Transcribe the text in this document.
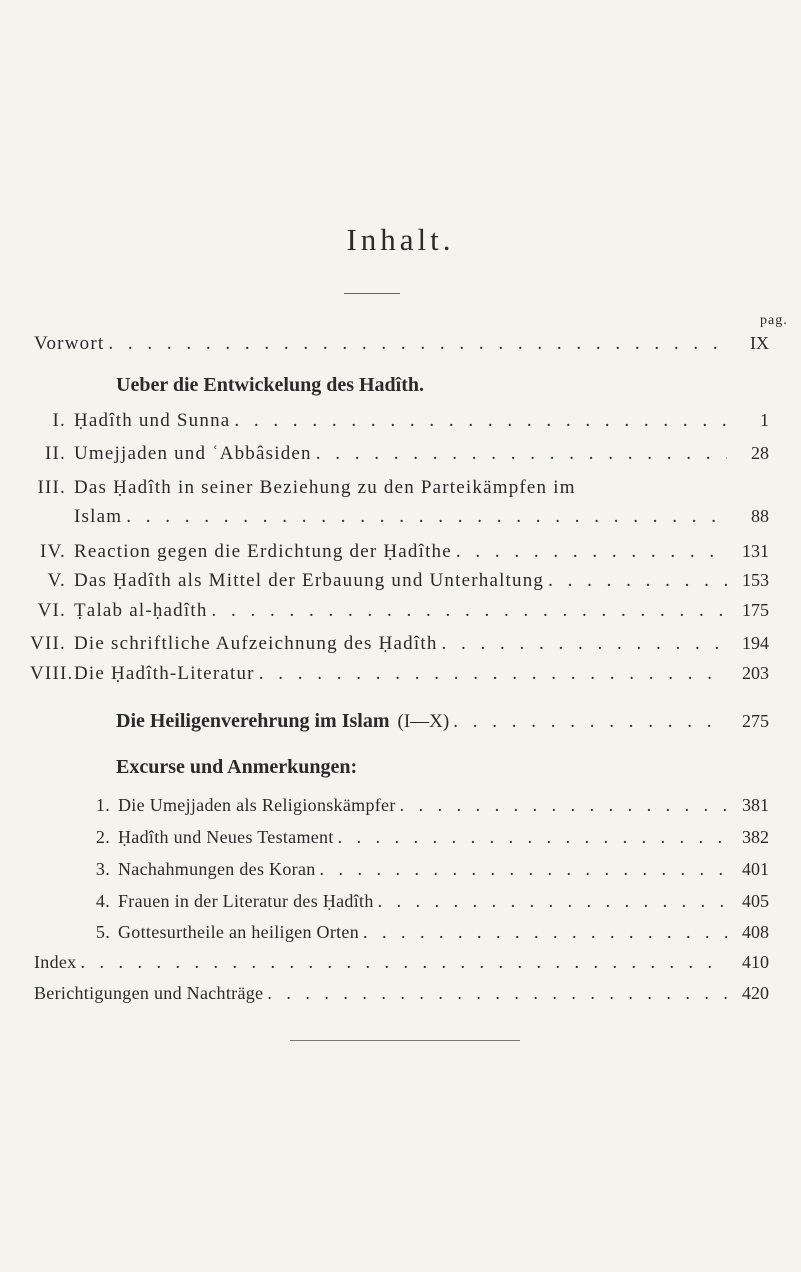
Inhalt.
pag.
Vorwort . . .	IX
Ueber die Entwickelung des Hadîth.
I. Ḥadîth und Sunna . . .	1
II. Umejjaden und ʿAbbâsiden . . .	28
III. Das Ḥadîth in seiner Beziehung zu den Parteikämpfen im
Islam . . .	88
IV. Reaction gegen die Erdichtung der Ḥadîthe . . .	131
V. Das Ḥadîth als Mittel der Erbauung und Unterhaltung . . .	153
VI. Ṭalab al-ḥadîth . . .	175
VII. Die schriftliche Aufzeichnung des Ḥadîth . . .	194
VIII. Die Ḥadîth-Literatur . . .	203
Die Heiligenverehrung im Islam (I—X) . . .	275
Excurse und Anmerkungen:
1. Die Umejjaden als Religionskämpfer . . .	381
2. Ḥadîth und Neues Testament . . .	382
3. Nachahmungen des Koran . . .	401
4. Frauen in der Literatur des Ḥadîth . . .	405
5. Gottesurtheile an heiligen Orten . . .	408
Index . . .	410
Berichtigungen und Nachträge . . .	420
